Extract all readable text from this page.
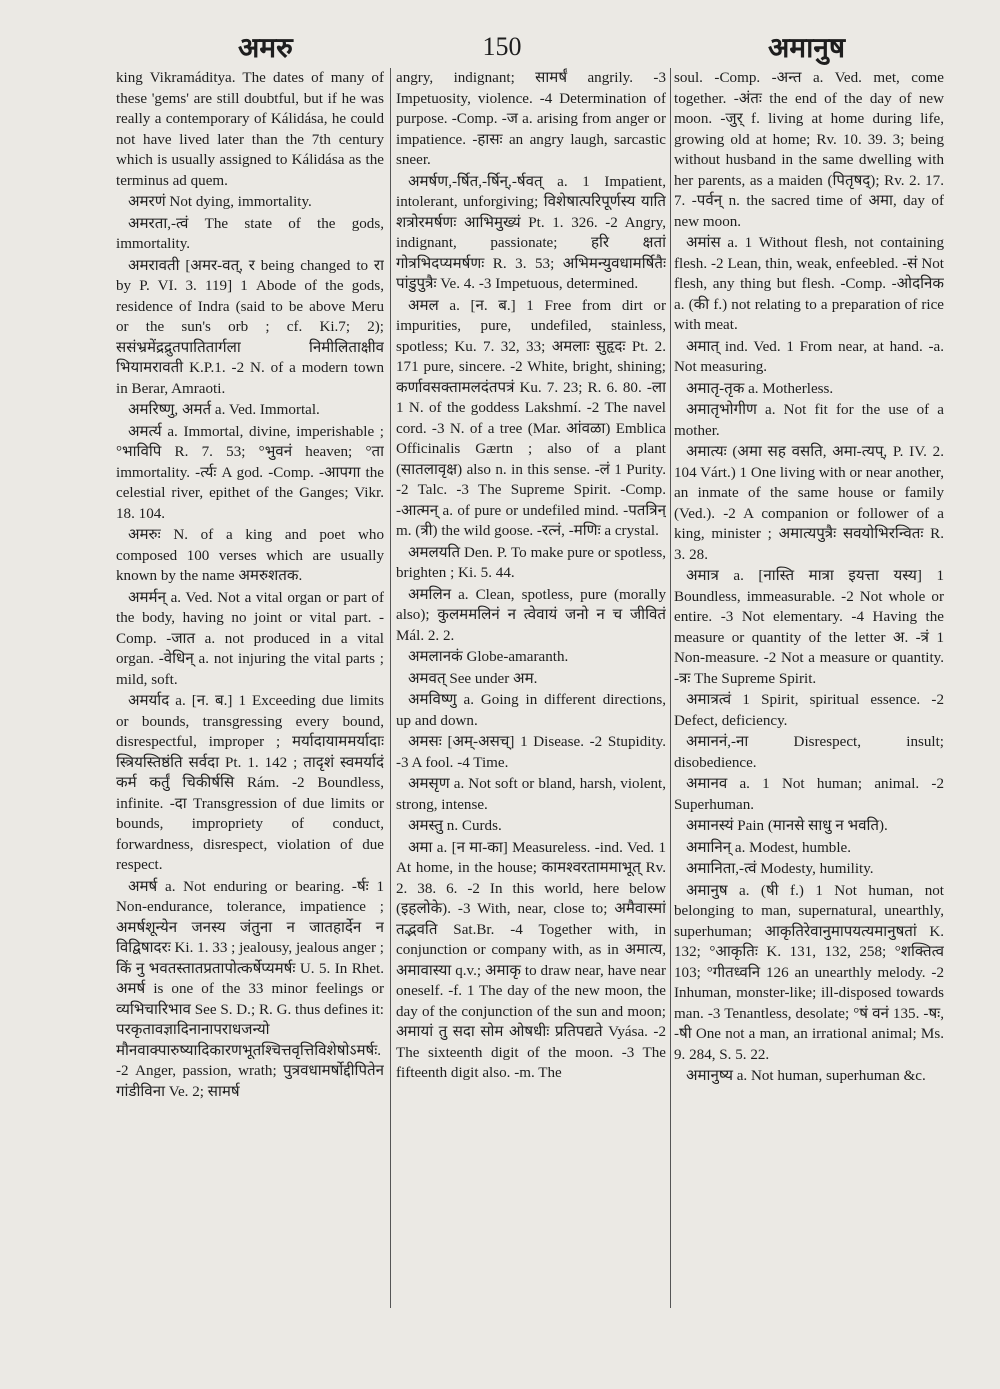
अमरु	150	अमानुष

king Vikramáditya. The dates of many of these 'gems' are still doubtful, but if he was really a contemporary of Kálidása, he could not have lived later than the 7th century which is usually assigned to Kálidása as the terminus ad quem.

अमरणं Not dying, immortality.

अमरता,-त्वं The state of the gods, immortality.

अमरावती [अमर-वत्, र being changed to रा by P. VI. 3. 119] 1 Abode of the gods, residence of Indra (said to be above Meru or the sun's orb ; cf. Ki.7; 2); ससंभ्रमेंद्रद्रुतपातितार्गला निमीलिताक्षीव भियामरावती K.P.1. -2 N. of a modern town in Berar, Amraoti.

अमरिष्णु, अमर्त a. Ved. Immortal.

अमर्त्य a. Immortal, divine, imperishable ; °भाविपि R. 7. 53; °भुवनं heaven; °ता immortality. -र्त्यः A god. -Comp. -आपगा the celestial river, epithet of the Ganges; Vikr. 18. 104.

अमरुः N. of a king and poet who composed 100 verses which are usually known by the name अमरुशतक.

अमर्मन् a. Ved. Not a vital organ or part of the body, having no joint or vital part. -Comp. -जात a. not produced in a vital organ. -वेधिन् a. not injuring the vital parts ; mild, soft.

अमर्याद a. [न. ब.] 1 Exceeding due limits or bounds, transgressing every bound, disrespectful, improper ; मर्यादायाममर्यादाः स्त्रियस्तिष्ठंति सर्वदा Pt. 1. 142 ; तादृशं स्वमर्यादं कर्म कर्तुं चिकीर्षसि Rám. -2 Boundless, infinite. -दा Transgression of due limits or bounds, impropriety of conduct, forwardness, disrespect, violation of due respect.

अमर्ष a. Not enduring or bearing. -र्षः 1 Non-endurance, tolerance, impatience ; अमर्षशून्येन जनस्य जंतुना न जातहार्देन न विद्विषादरः Ki. 1. 33 ; jealousy, jealous anger ; किं नु भवतस्तातप्रतापोत्कर्षेप्यमर्षः U. 5. In Rhet. अमर्ष is one of the 33 minor feelings or व्यभिचारिभाव See S. D.; R. G. thus defines it: परकृतावज्ञादिनानापराधजन्यो मौनवाक्पारुष्यादिकारणभूतश्चित्तवृत्तिविशेषोऽमर्षः. -2 Anger, passion, wrath; पुत्रवधामर्षोद्दीपितेन गांडीविना Ve. 2; सामर्ष

angry, indignant; सामर्षं angrily. -3 Impetuosity, violence. -4 Determination of purpose. -Comp. -ज a. arising from anger or impatience. -हासः an angry laugh, sarcastic sneer.

अमर्षण,-र्षित,-र्षिन्,-र्षवत् a. 1 Impatient, intolerant, unforgiving; विशेषात्परिपूर्णस्य याति शत्रोरमर्षणः आभिमुख्यं Pt. 1. 326. -2 Angry, indignant, passionate; हरि क्षतां गोत्रभिदप्यमर्षणः R. 3. 53; अभिमन्युवधामर्षितैः पांडुपुत्रैः Ve. 4. -3 Impetuous, determined.

अमल a. [न. ब.] 1 Free from dirt or impurities, pure, undefiled, stainless, spotless; Ku. 7. 32, 33; अमलाः सुहृदः Pt. 2. 171 pure, sincere. -2 White, bright, shining; कर्णावसक्तामलदंतपत्रं Ku. 7. 23; R. 6. 80. -ला 1 N. of the goddess Lakshmí. -2 The navel cord. -3 N. of a tree (Mar. आंवळा) Emblica Officinalis Gærtn ; also of a plant (सातलावृक्ष) also n. in this sense. -लं 1 Purity. -2 Talc. -3 The Supreme Spirit. -Comp. -आत्मन् a. of pure or undefiled mind. -पतत्रिन् m. (त्री) the wild goose. -रत्नं, -मणिः a crystal.

अमलयति Den. P. To make pure or spotless, brighten ; Ki. 5. 44.

अमलिन a. Clean, spotless, pure (morally also); कुलममलिनं न त्वेवायं जनो न च जीवितं Mál. 2. 2.

अमलानकं Globe-amaranth.

अमवत् See under अम.

अमविष्णु a. Going in different directions, up and down.

अमसः [अम्-असच्] 1 Disease. -2 Stupidity. -3 A fool. -4 Time.

अमसृण a. Not soft or bland, harsh, violent, strong, intense.

अमस्तु n. Curds.

अमा a. [न मा-का] Measureless. -ind. Ved. 1 At home, in the house; कामश्वरताममाभूत् Rv. 2. 38. 6. -2 In this world, here below (इहलोके). -3 With, near, close to; अमैवास्मां तद्भवति Sat.Br. -4 Together with, in conjunction or company with, as in अमात्य, अमावास्या q.v.; अमाकृ to draw near, have near oneself. -f. 1 The day of the new moon, the day of the conjunction of the sun and moon; अमायां तु सदा सोम ओषधीः प्रतिपद्यते Vyása. -2 The sixteenth digit of the moon. -3 The fifteenth digit also. -m. The

soul. -Comp. -अन्त a. Ved. met, come together. -अंतः the end of the day of new moon. -जुर् f. living at home during life, growing old at home; Rv. 10. 39. 3; being without husband in the same dwelling with her parents, as a maiden (पितृषद्); Rv. 2. 17. 7. -पर्वन् n. the sacred time of अमा, day of new moon.

अमांस a. 1 Without flesh, not containing flesh. -2 Lean, thin, weak, enfeebled. -सं Not flesh, any thing but flesh. -Comp. -ओदनिक a. (की f.) not relating to a preparation of rice with meat.

अमात् ind. Ved. 1 From near, at hand. -a. Not measuring.

अमातृ-तृक a. Motherless.

अमातृभोगीण a. Not fit for the use of a mother.

अमात्यः (अमा सह वसति, अमा-त्यप्, P. IV. 2. 104 Várt.) 1 One living with or near another, an inmate of the same house or family (Ved.). -2 A companion or follower of a king, minister ; अमात्यपुत्रैः सवयोभिरन्वितः R. 3. 28.

अमात्र a. [नास्ति मात्रा इयत्ता यस्य] 1 Boundless, immeasurable. -2 Not whole or entire. -3 Not elementary. -4 Having the measure or quantity of the letter अ. -त्रं 1 Non-measure. -2 Not a measure or quantity. -त्रः The Supreme Spirit.

अमात्रत्वं 1 Spirit, spiritual essence. -2 Defect, deficiency.

अमाननं,-ना Disrespect, insult; disobedience.

अमानव a. 1 Not human; animal. -2 Superhuman.

अमानस्यं Pain (मानसे साधु न भवति).

अमानिन् a. Modest, humble.

अमानिता,-त्वं Modesty, humility.

अमानुष a. (षी f.) 1 Not human, not belonging to man, supernatural, unearthly, superhuman; आकृतिरेवानुमापयत्यमानुषतां K. 132; °आकृतिः K. 131, 132, 258; °शक्तित्व 103; °गीतध्वनि 126 an unearthly melody. -2 Inhuman, monster-like; ill-disposed towards man. -3 Tenantless, desolate; °षं वनं 135. -षः, -षी One not a man, an irrational animal; Ms. 9. 284, S. 5. 22.

अमानुष्य a. Not human, superhuman &c.
